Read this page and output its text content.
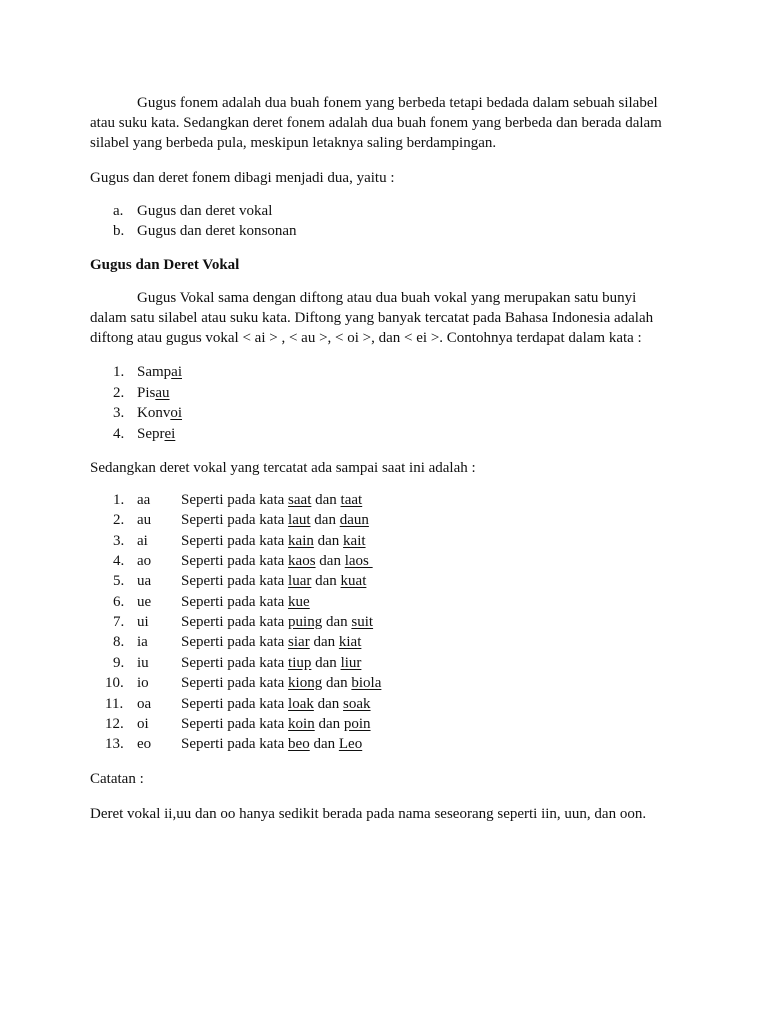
Gugus fonem adalah dua buah fonem yang berbeda tetapi bedada dalam sebuah silabel
atau suku kata. Sedangkan deret fonem adalah dua buah fonem yang berbeda dan berada dalam
silabel yang berbeda pula, meskipun letaknya saling berdampingan.
Gugus dan deret fonem dibagi menjadi dua, yaitu :
a. Gugus dan deret vokal
b. Gugus dan deret konsonan
Gugus dan Deret Vokal
Gugus Vokal sama dengan diftong atau dua buah vokal yang merupakan satu bunyi
dalam satu silabel atau suku kata. Diftong yang banyak tercatat pada Bahasa Indonesia adalah
diftong atau gugus vokal < ai > , < au >, < oi >, dan < ei >. Contohnya terdapat dalam kata :
1. Sampai
2. Pisau
3. Konvoi
4. Seprei
Sedangkan deret vokal yang tercatat ada sampai saat ini adalah :
1. aa Seperti pada kata saat dan taat
2. au Seperti pada kata laut dan daun
3. ai Seperti pada kata kain dan kait
4. ao Seperti pada kata kaos dan laos
5. ua Seperti pada kata luar dan kuat
6. ue Seperti pada kata kue
7. ui Seperti pada kata puing dan suit
8. ia Seperti pada kata siar dan kiat
9. iu Seperti pada kata tiup dan liur
10. io Seperti pada kata kiong dan biola
11. oa Seperti pada kata loak dan soak
12. oi Seperti pada kata koin dan poin
13. eo Seperti pada kata beo dan Leo
Catatan :
Deret vokal ii,uu dan oo hanya sedikit berada pada nama seseorang seperti iin, uun, dan oon.
